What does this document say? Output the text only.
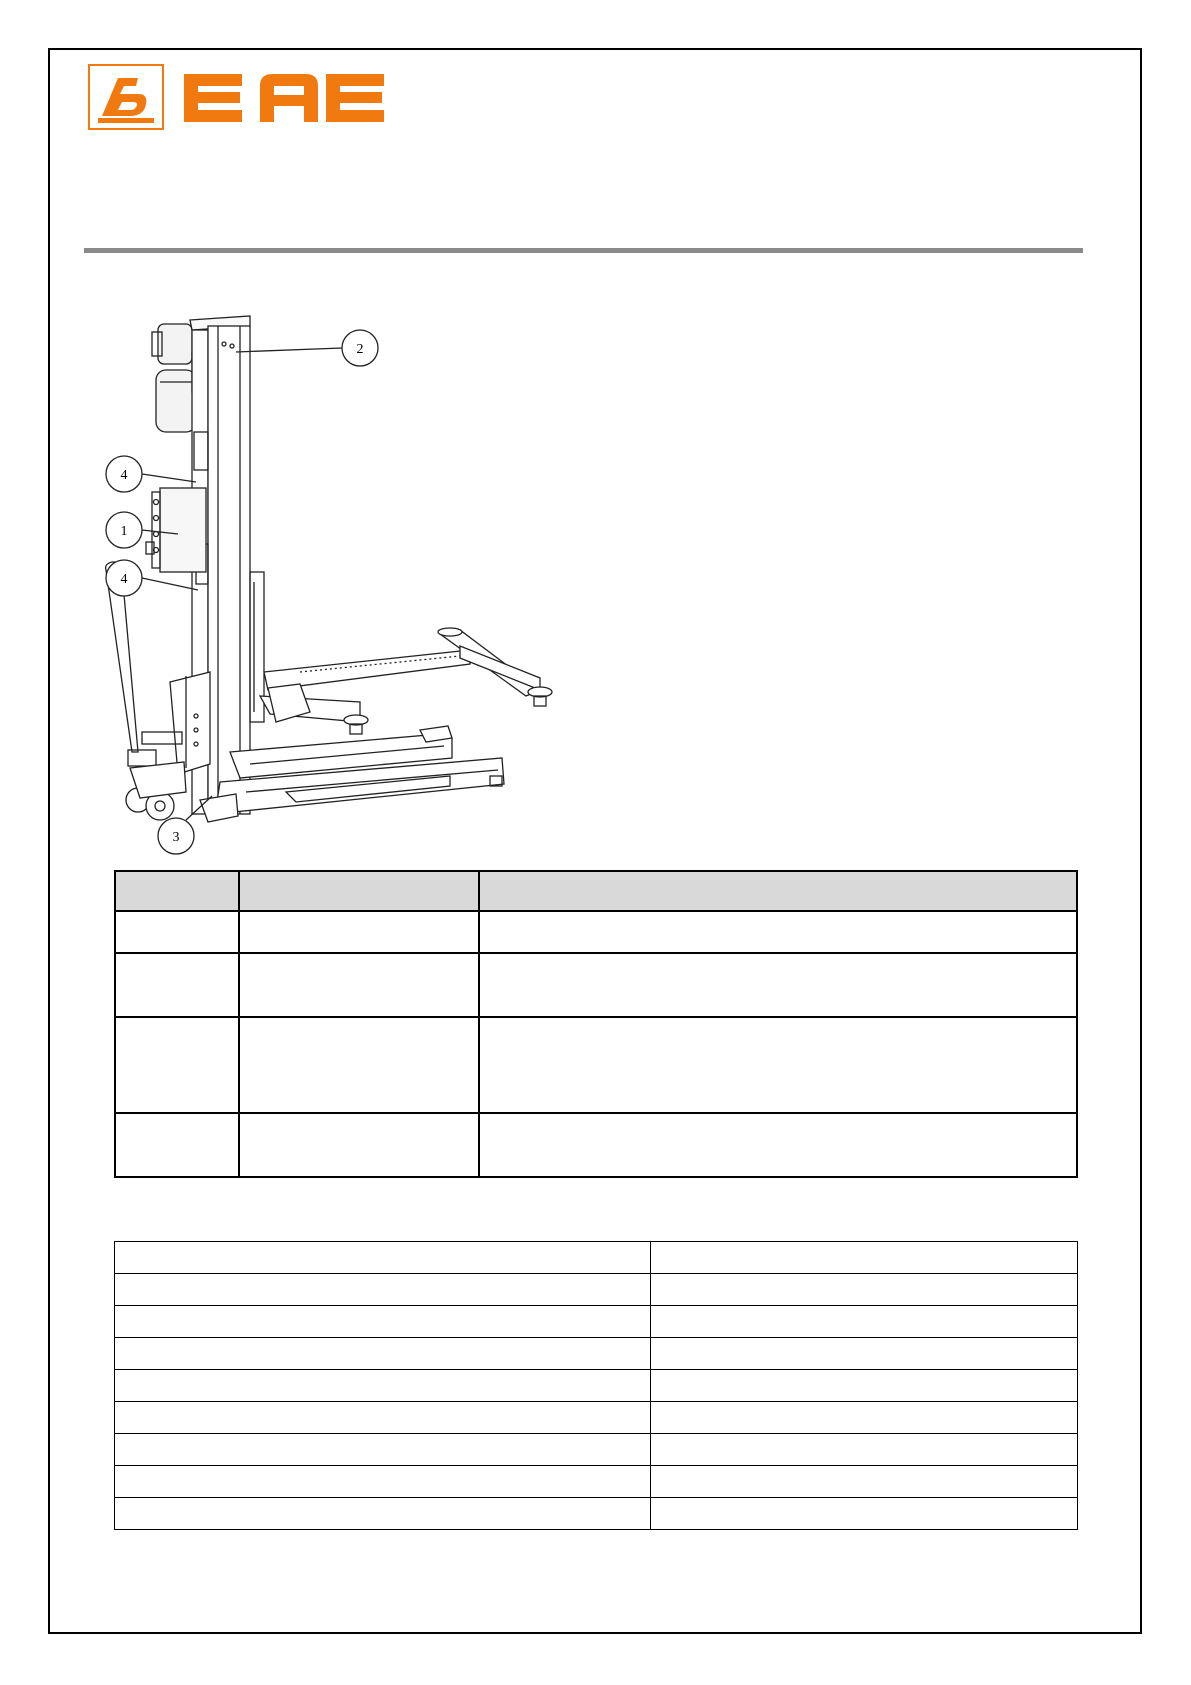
EAE
2
4
1
4
3
